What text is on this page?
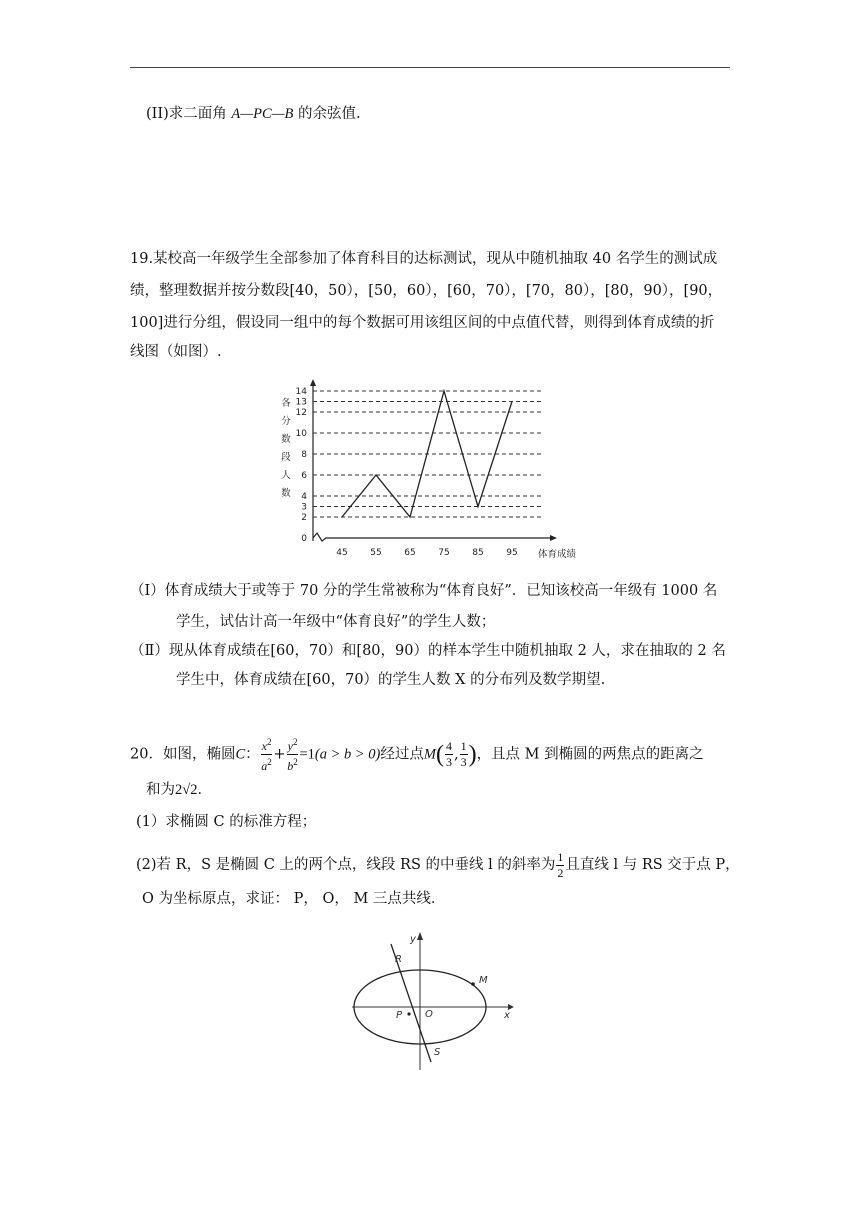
(II)求二面角 A—PC—B 的余弦值.
19.某校高一年级学生全部参加了体育科目的达标测试，现从中随机抽取 40 名学生的测试成
绩，整理数据并按分数段[40，50），[50，60），[60，70），[70，80），[80，90），[90，
100]进行分组，假设同一组中的每个数据可用该组区间的中点值代替，则得到体育成绩的折
线图（如图）.
0
2
3
4
6
8
10
12
13
14
45	55	65	75	85	95
各
分
数
段
人
数
体育成绩
（Ⅰ）体育成绩大于或等于 70 分的学生常被称为“体育良好”．已知该校高一年级有 1000 名
学生，试估计高一年级中“体育良好”的学生人数；
（Ⅱ）现从体育成绩在[60，70）和[80，90）的样本学生中随机抽取 2 人，求在抽取的 2 名
学生中，体育成绩在[60，70）的学生人数 X 的分布列及数学期望.
20．如图，椭圆C： $\frac{x^2}{a^2} + \frac{y^2}{b^2} =1(a > b > 0)$经过点$M( \frac{4}{3}$ , $\frac{1}{3}$ )，且点 M 到椭圆的两焦点的距离之
和为2√2．
(1）求椭圆 C 的标准方程；
(2)若 R，S 是椭圆 C 上的两个点，线段 RS 的中垂线 l 的斜率为 $\frac{1}{2}$ 且直线 l 与 RS 交于点 P，
O 为坐标原点，求证： P， O， M 三点共线．
y
x
R
M
P O
S
